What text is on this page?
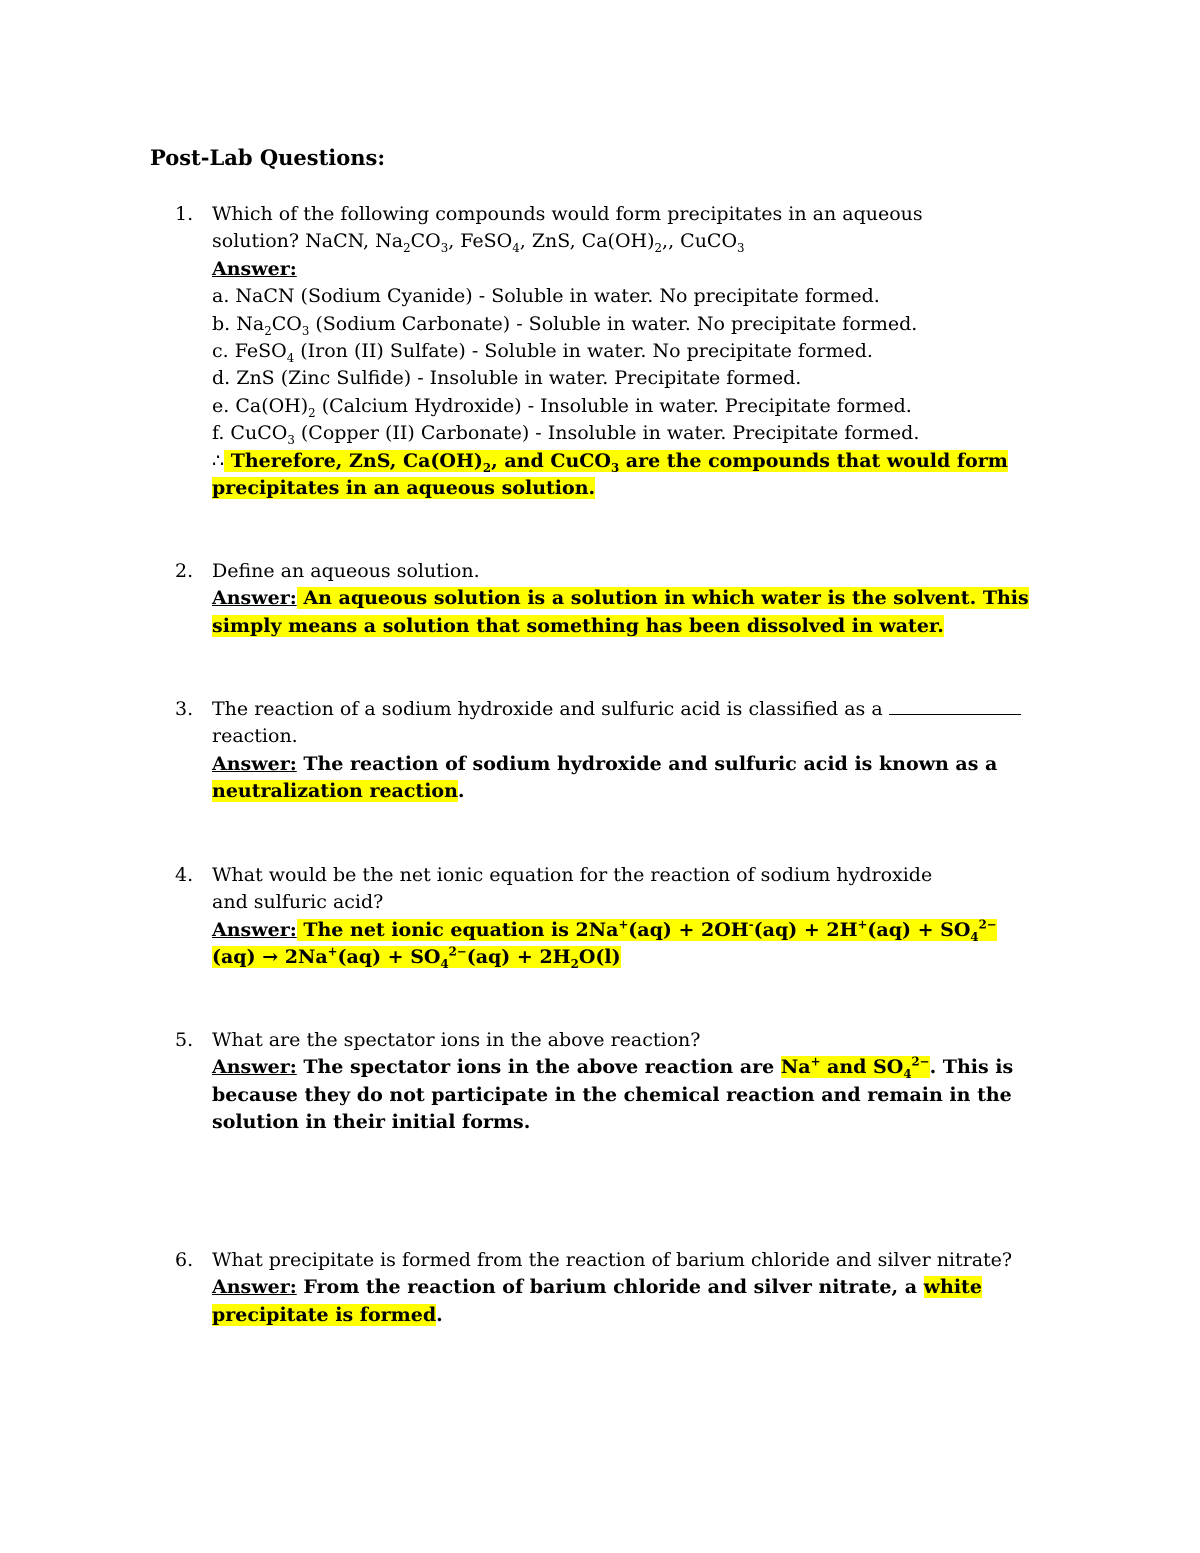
Post-Lab Questions:
1. Which of the following compounds would form precipitates in an aqueous
solution? NaCN, $Na_2CO_3$, FeSO$_4$, ZnS, $Ca(OH)_2$,, CuCO$_3$
Answer:
a. NaCN (Sodium Cyanide) - Soluble in water. No precipitate formed.
b. $Na_2CO_3$ (Sodium Carbonate) - Soluble in water. No precipitate formed.
c. FeSO$_4$ (Iron (II) Sulfate) - Soluble in water. No precipitate formed.
d. ZnS (Zinc Sulfide) - Insoluble in water. Precipitate formed.
e. $Ca(OH)_2$ (Calcium Hydroxide) - Insoluble in water. Precipitate formed.
f. CuCO$_3$ (Copper (II) Carbonate) - Insoluble in water. Precipitate formed.
∴ Therefore, ZnS, $Ca(OH)_2$, and CuCO$_3$ are the compounds that would form
precipitates in an aqueous solution.
2. Define an aqueous solution.
Answer: An aqueous solution is a solution in which water is the solvent. This
simply means a solution that something has been dissolved in water.
3. The reaction of a sodium hydroxide and sulfuric acid is classified as a
reaction.
Answer: The reaction of sodium hydroxide and sulfuric acid is known as a
neutralization reaction.
4. What would be the net ionic equation for the reaction of sodium hydroxide
and sulfuric acid?
Answer: The net ionic equation is $2Na^+(aq) + 2OH^-(aq) + 2H^+(aq) + SO_4^{2-}$
$(aq) \to 2Na^+(aq) + SO_4^{2-}(aq) + 2H_2O(l)$
5. What are the spectator ions in the above reaction?
Answer: The spectator ions in the above reaction are Na+ and $SO_4^{2-}$. This is
because they do not participate in the chemical reaction and remain in the
solution in their initial forms.
6. What precipitate is formed from the reaction of barium chloride and silver nitrate?
Answer: From the reaction of barium chloride and silver nitrate, a white
precipitate is formed.
